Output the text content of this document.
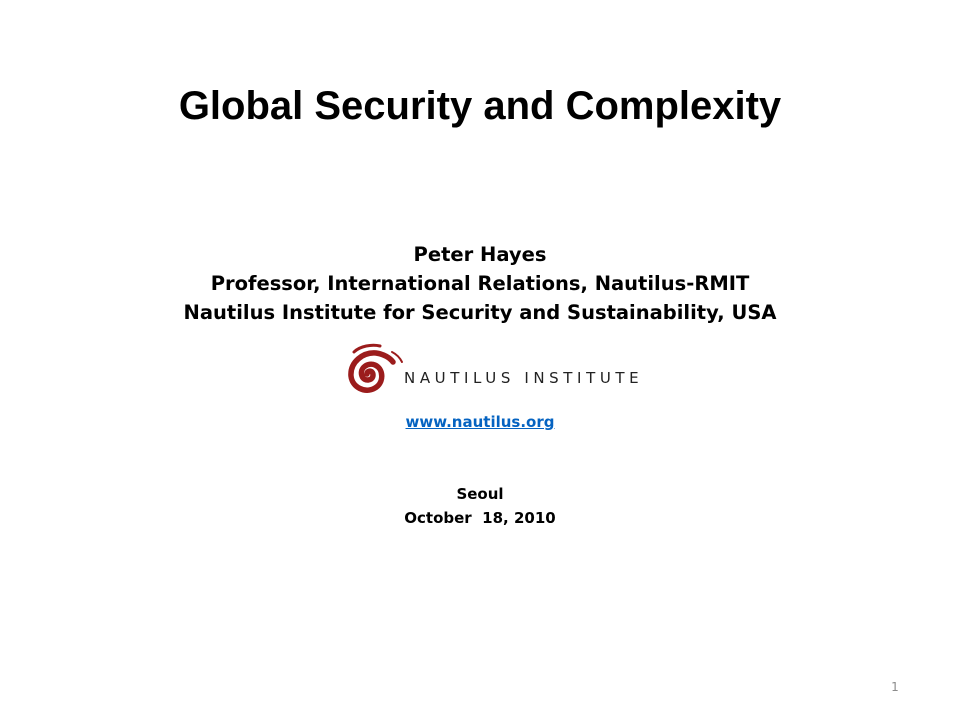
Global Security and Complexity
Peter Hayes
Professor, International Relations, Nautilus-RMIT
Nautilus Institute for Security and Sustainability, USA
NAUTILUS INSTITUTE
www.nautilus.org
Seoul
October  18, 2010
1
